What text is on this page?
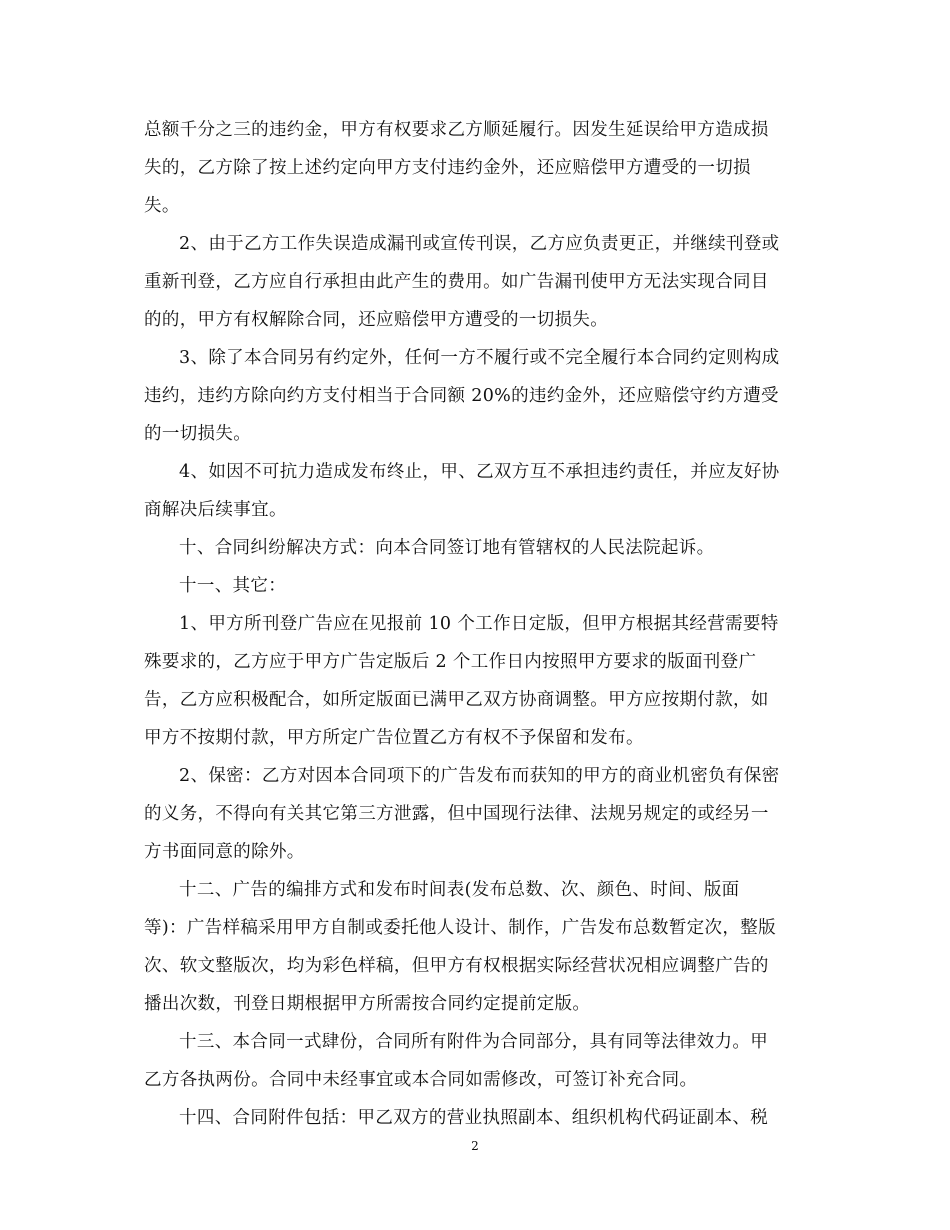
总额千分之三的违约金，甲方有权要求乙方顺延履行。因发生延误给甲方造成损
失的，乙方除了按上述约定向甲方支付违约金外，还应赔偿甲方遭受的一切损
失。
2、由于乙方工作失误造成漏刊或宣传刊误，乙方应负责更正，并继续刊登或
重新刊登，乙方应自行承担由此产生的费用。如广告漏刊使甲方无法实现合同目
的的，甲方有权解除合同，还应赔偿甲方遭受的一切损失。
3、除了本合同另有约定外，任何一方不履行或不完全履行本合同约定则构成
违约，违约方除向约方支付相当于合同额 20%的违约金外，还应赔偿守约方遭受
的一切损失。
4、如因不可抗力造成发布终止，甲、乙双方互不承担违约责任，并应友好协
商解决后续事宜。
十、合同纠纷解决方式：向本合同签订地有管辖权的人民法院起诉。
十一、其它：
1、甲方所刊登广告应在见报前 10 个工作日定版，但甲方根据其经营需要特
殊要求的，乙方应于甲方广告定版后 2 个工作日内按照甲方要求的版面刊登广
告，乙方应积极配合，如所定版面已满甲乙双方协商调整。甲方应按期付款，如
甲方不按期付款，甲方所定广告位置乙方有权不予保留和发布。
2、保密：乙方对因本合同项下的广告发布而获知的甲方的商业机密负有保密
的义务，不得向有关其它第三方泄露，但中国现行法律、法规另规定的或经另一
方书面同意的除外。
十二、广告的编排方式和发布时间表(发布总数、次、颜色、时间、版面
等)：广告样稿采用甲方自制或委托他人设计、制作，广告发布总数暂定次，整版
次、软文整版次，均为彩色样稿，但甲方有权根据实际经营状况相应调整广告的
播出次数，刊登日期根据甲方所需按合同约定提前定版。
十三、本合同一式肆份，合同所有附件为合同部分，具有同等法律效力。甲
乙方各执两份。合同中未经事宜或本合同如需修改，可签订补充合同。
十四、合同附件包括：甲乙双方的营业执照副本、组织机构代码证副本、税
2
